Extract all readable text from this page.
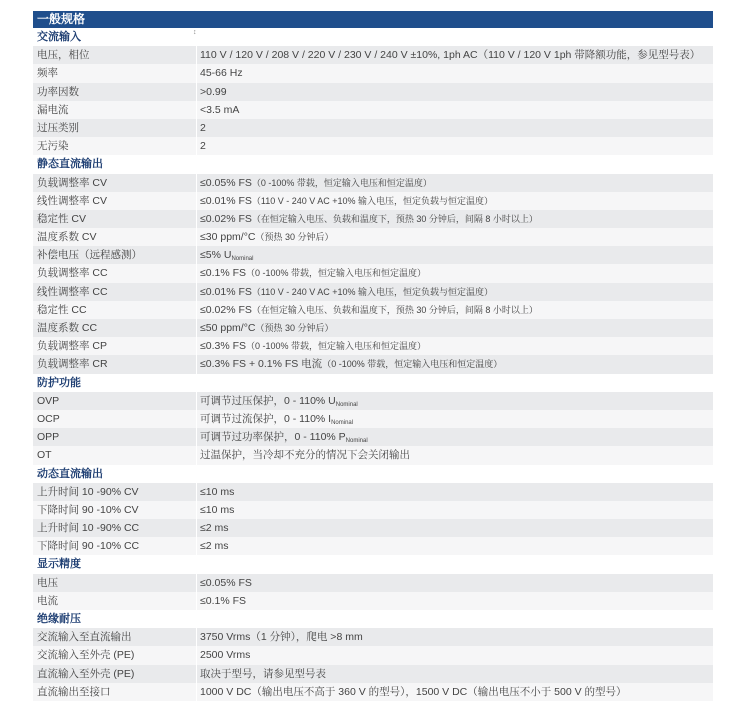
一般规格
交流输入
电压，相位	110 V / 120 V / 208 V / 220 V / 230 V / 240 V ±10%, 1ph AC（110 V / 120 V 1ph 带降额功能，参见型号表）
频率	45-66 Hz
功率因数	>0.99
漏电流	<3.5 mA
过压类别	2
无污染	2
静态直流输出
负载调整率 CV	≤0.05% FS（0 -100% 带载，恒定输入电压和恒定温度）
线性调整率 CV	≤0.01% FS（110 V - 240 V AC +10% 输入电压，恒定负载与恒定温度）
稳定性 CV	≤0.02% FS（在恒定输入电压、负载和温度下，预热 30 分钟后，间隔 8 小时以上）
温度系数 CV	≤30 ppm/°C（预热 30 分钟后）
补偿电压（远程感测）	≤5% $U_{Nominal}$
负载调整率 CC	≤0.1% FS（0 -100% 带载，恒定输入电压和恒定温度）
线性调整率 CC	≤0.01% FS（110 V - 240 V AC +10% 输入电压，恒定负载与恒定温度）
稳定性 CC	≤0.02% FS（在恒定输入电压、负载和温度下，预热 30 分钟后，间隔 8 小时以上）
温度系数 CC	≤50 ppm/°C（预热 30 分钟后）
负载调整率 CP	≤0.3% FS（0 -100% 带载，恒定输入电压和恒定温度）
负载调整率 CR	≤0.3% FS + 0.1% FS 电流（0 -100% 带载，恒定输入电压和恒定温度）
防护功能
OVP	可调节过压保护，0 - 110% $U_{Nominal}$
OCP	可调节过流保护，0 - 110% $I_{Nominal}$
OPP	可调节过功率保护，0 - 110% $P_{Nominal}$
OT	过温保护，当冷却不充分的情况下会关闭输出
动态直流输出
上升时间 10 -90% CV	≤10 ms
下降时间 90 -10% CV	≤10 ms
上升时间 10 -90% CC	≤2 ms
下降时间 90 -10% CC	≤2 ms
显示精度
电压	≤0.05% FS
电流	≤0.1% FS
绝缘耐压
交流输入至直流输出	3750 Vrms（1 分钟），爬电 >8 mm
交流输入至外壳 (PE)	2500 Vrms
直流输入至外壳 (PE)	取决于型号，请参见型号表
直流输出至接口	1000 V DC（输出电压不高于 360 V 的型号），1500 V DC（输出电压不小于 500 V 的型号）
↕
